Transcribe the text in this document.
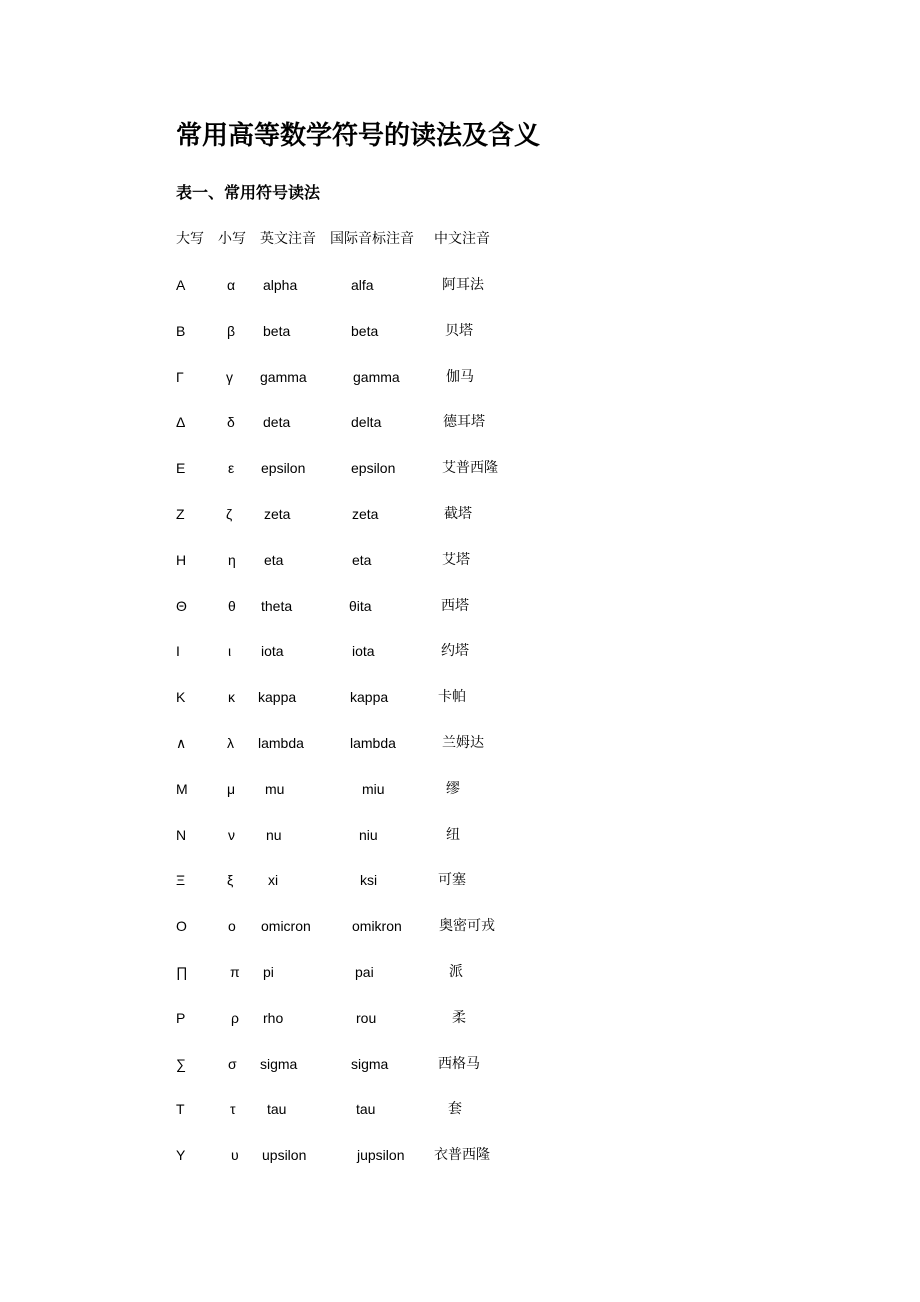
常用高等数学符号的读法及含义
表一、常用符号读法
大写 小写 英文注音 国际音标注音 中文注音
Α	α alpha	alfa	阿耳法
Β	β beta	beta	贝塔
Γ	γ gamma	gamma	伽马
Δ	δ deta	delta	德耳塔
Ε	ε epsilon	epsilon	艾普西隆
Ζ	ζ zeta	zeta	截塔
Η	η eta	eta	艾塔
Θ	θ theta	θita	西塔
Ι	ι iota	iota	约塔
Κ	κ kappa	kappa	卡帕
∧	λ lambda	lambda	兰姆达
Μ	μ mu	miu	缪
Ν	ν nu	niu	纽
Ξ	ξ xi	ksi	可塞
Ο	ο omicron	omikron	奥密可戎
∏	π pi	pai	派
Ρ	ρ rho	rou	柔
∑	σ sigma	sigma	西格马
Τ	τ tau	tau	套
Υ	υ upsilon	jupsilon 衣普西隆
